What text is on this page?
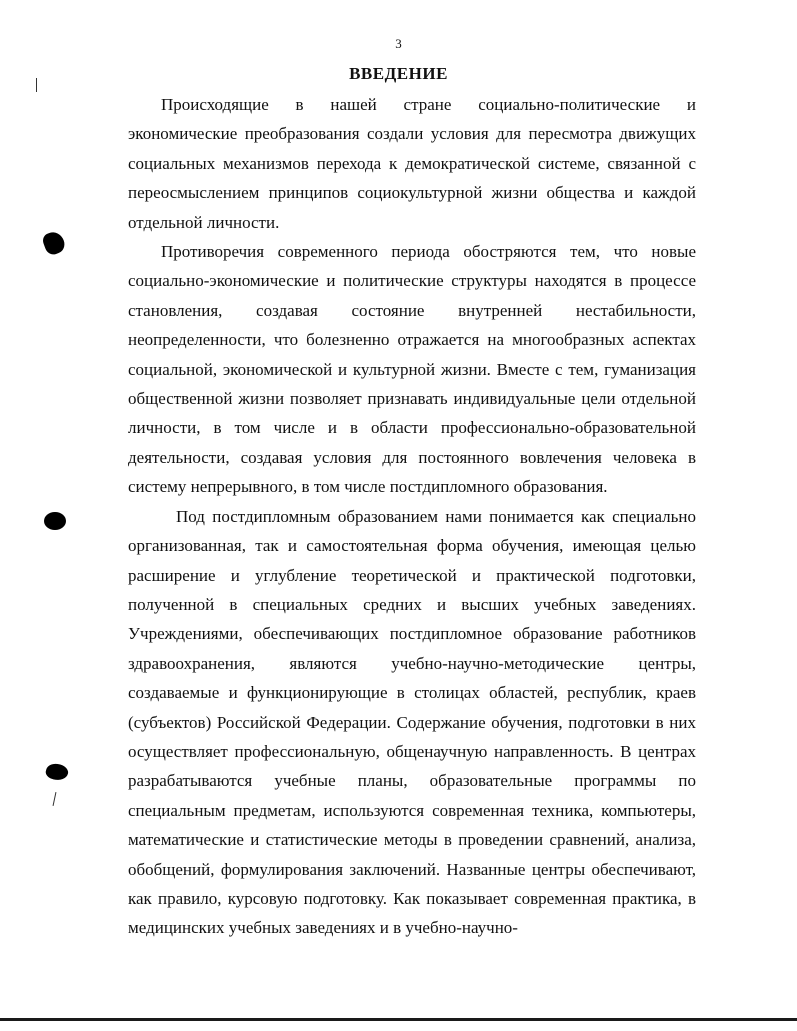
3
ВВЕДЕНИЕ

Происходящие в нашей стране социально-политические и экономические преобразования создали условия для пересмотра движущих социальных механизмов перехода к демократической системе, связанной с переосмыслением принципов социокультурной жизни общества и каждой отдельной личности.

Противоречия современного периода обостряются тем, что новые социально-экономические и политические структуры находятся в процессе становления, создавая состояние внутренней нестабильности, неопределенности, что болезненно отражается на многообразных аспектах социальной, экономической и культурной жизни. Вместе с тем, гуманизация общественной жизни позволяет признавать индивидуальные цели отдельной личности, в том числе и в области профессионально-образовательной деятельности, создавая условия для постоянного вовлечения человека в систему непрерывного, в том числе постдипломного образования.

Под постдипломным образованием нами понимается как специально организованная, так и самостоятельная форма обучения, имеющая целью расширение и углубление теоретической и практической подготовки, полученной в специальных средних и высших учебных заведениях. Учреждениями, обеспечивающих постдипломное образование работников здравоохранения, являются учебно-научно-методические центры, создаваемые и функционирующие в столицах областей, республик, краев (субъектов) Российской Федерации. Содержание обучения, подготовки в них осуществляет профессиональную, общенаучную направленность. В центрах разрабатываются учебные планы, образовательные программы по специальным предметам, используются современная техника, компьютеры, математические и статистические методы в проведении сравнений, анализа, обобщений, формулирования заключений. Названные центры обеспечивают, как правило, курсовую подготовку. Как показывает современная практика, в медицинских учебных заведениях и в учебно-научно-
